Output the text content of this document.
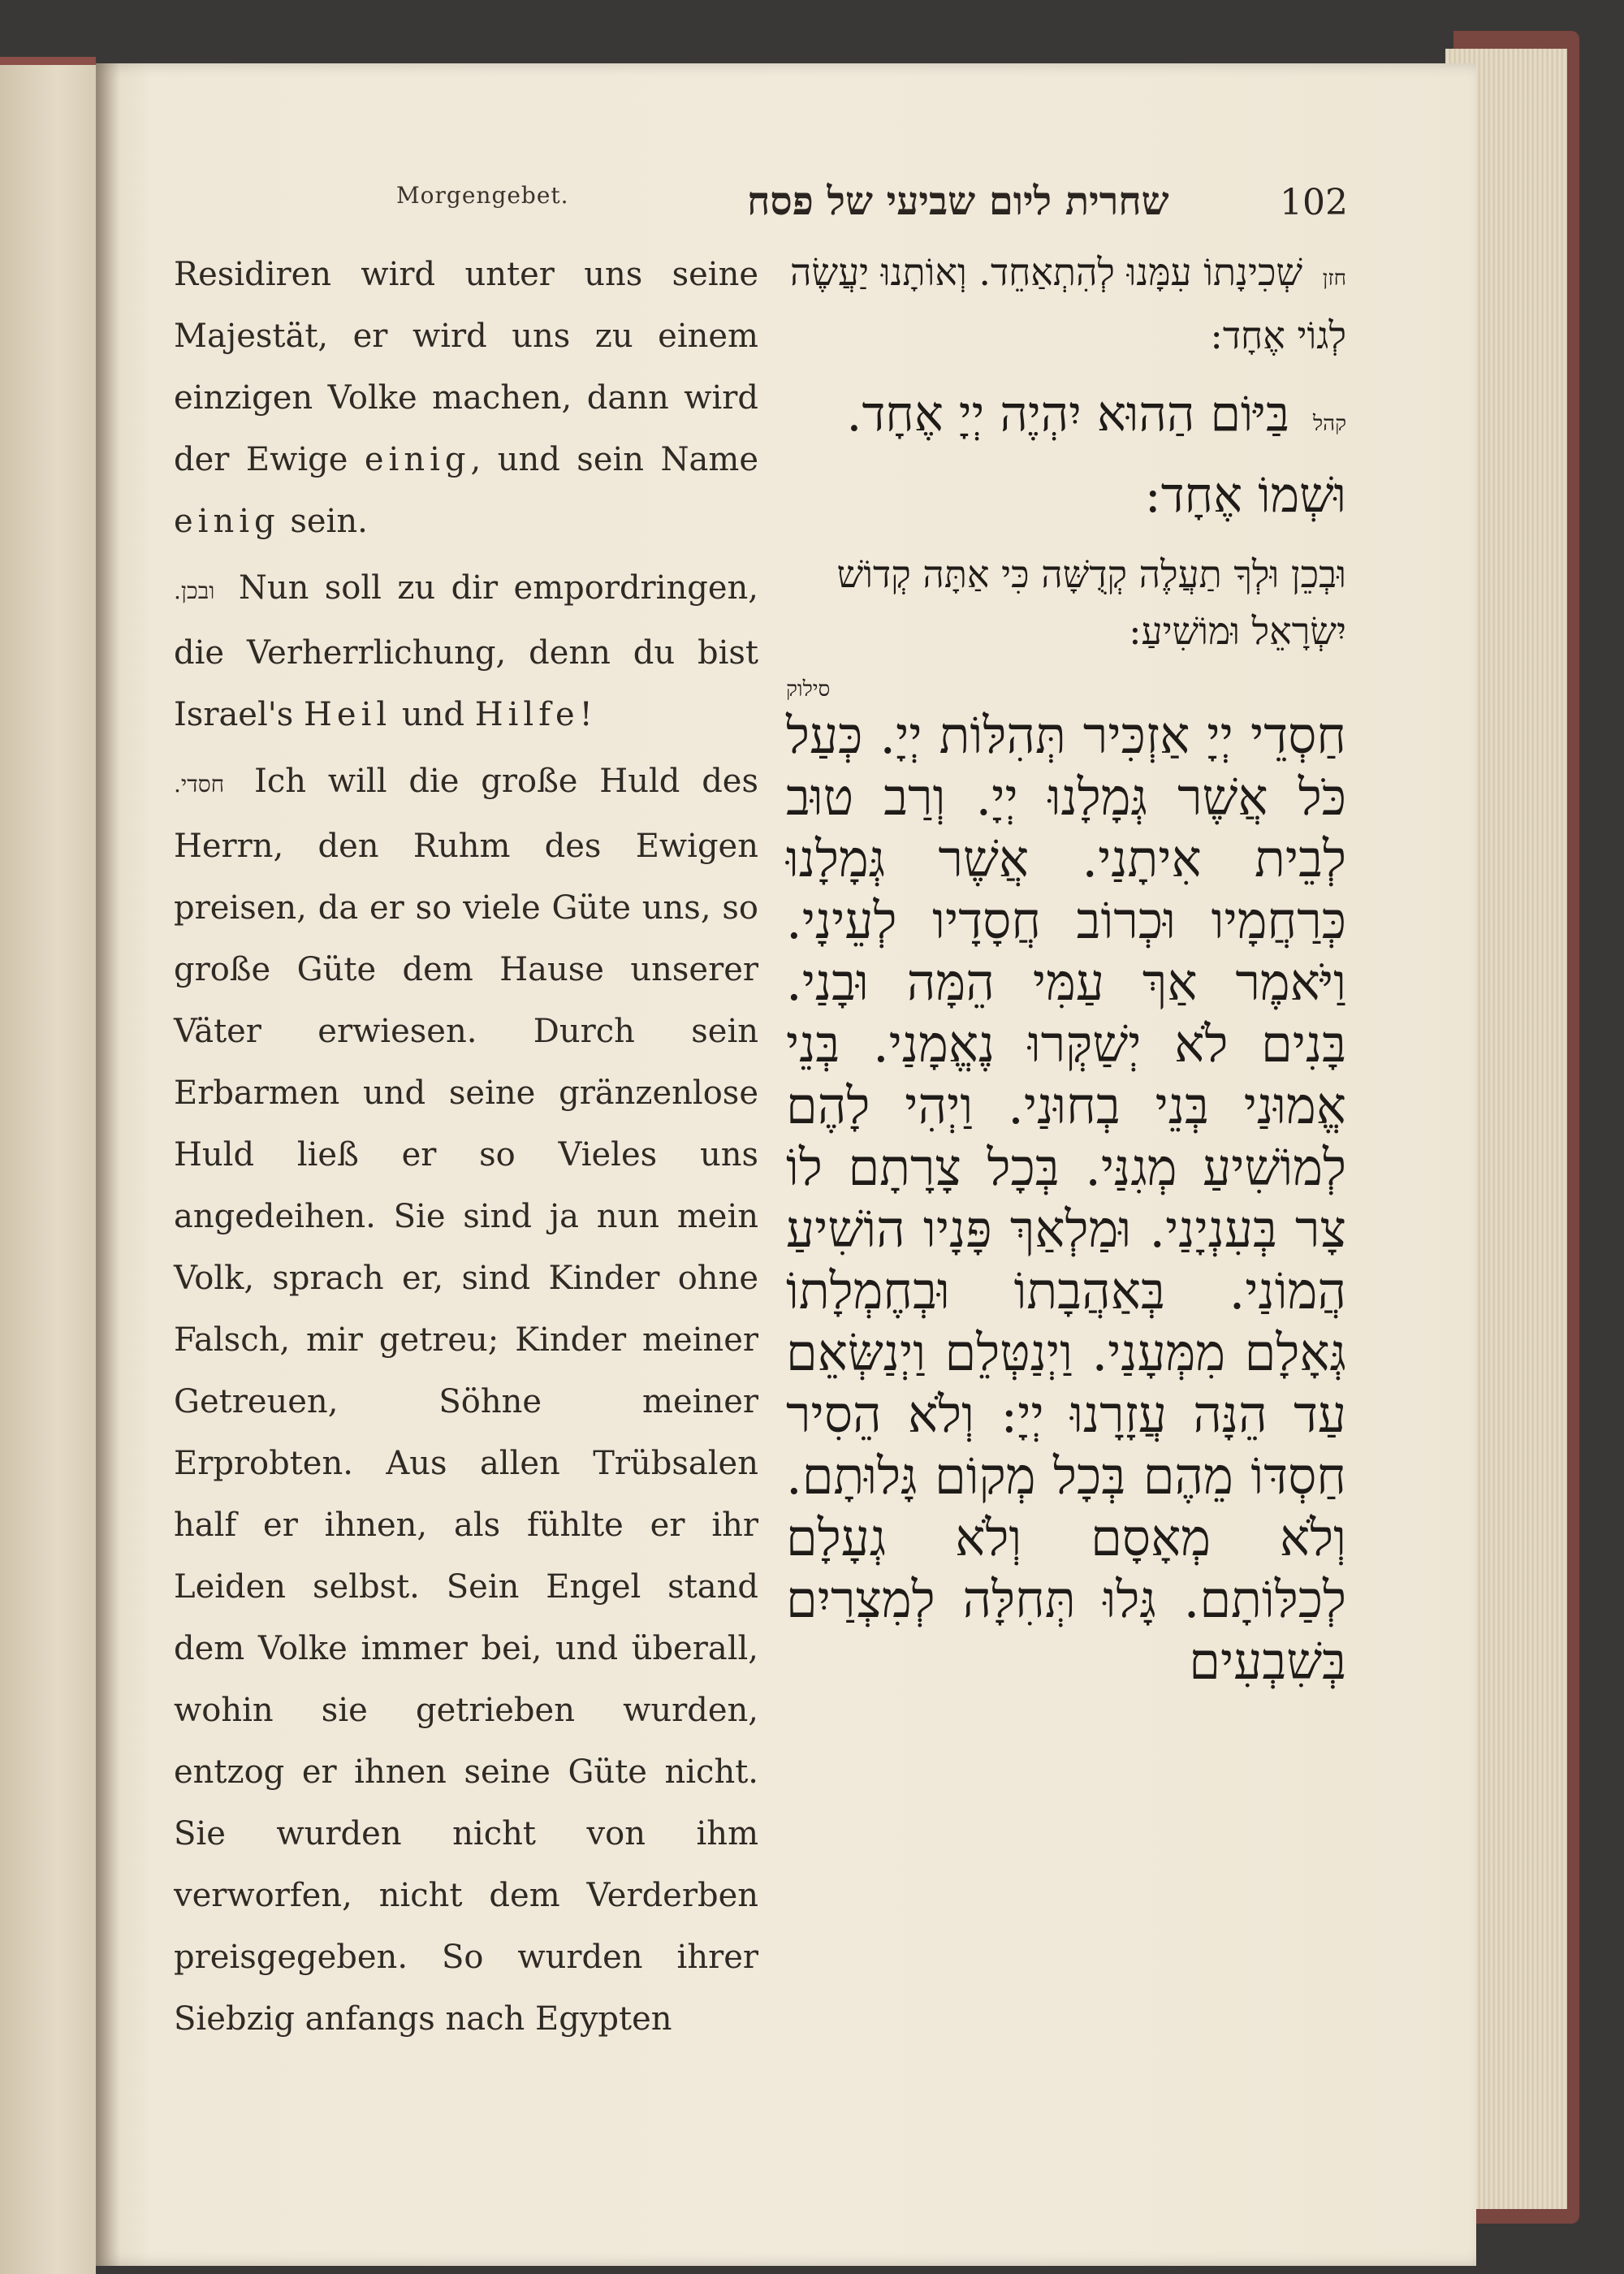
Morgengebet.	שחרית ליום שביעי של פסח	102

Residiren wird unter uns seine Majestät, er wird uns zu einem einzigen Volke machen, dann wird der Ewige einig, und sein Name einig sein.

ובכן. Nun soll zu dir empordringen, die Verherrlichung, denn du bist Israel's Heil und Hilfe!

חסדי. Ich will die große Huld des Herrn, den Ruhm des Ewigen preisen, da er so viele Güte uns, so große Güte dem Hause unserer Väter erwiesen. Durch sein Erbarmen und seine gränzenlose Huld ließ er so Vieles uns angedeihen. Sie sind ja nun mein Volk, sprach er, sind Kinder ohne Falsch, mir getreu; Kinder meiner Getreuen, Söhne meiner Erprobten. Aus allen Trübsalen half er ihnen, als fühlte er ihr Leiden selbst. Sein Engel stand dem Volke immer bei, und überall, wohin sie getrieben wurden, entzog er ihnen seine Güte nicht. Sie wurden nicht von ihm verworfen, nicht dem Verderben preisgegeben. So wurden ihrer Siebzig anfangs nach Egypten

חזן שְׁכִינָתוֹ עִמָּנוּ לְהִתְאַחֵד. וְאוֹתָנוּ יַעֲשֶׂה לְגוֹי אֶחָד:

קהל בַּיּוֹם הַהוּא יִהְיֶה יְיָ אֶחָד. וּשְׁמוֹ אֶחָד:

וּבְכֵן וּלְךָ תַעֲלֶה קְדֻשָּׁה כִּי אַתָּה קְדוֹשׁ יִשְׂרָאֵל וּמוֹשִׁיעַ:

סילוק

חַסְדֵי יְיָ אַזְכִּיר תְּהִלּוֹת יְיָ. כְּעַל כֹּל אֲשֶׁר גְּמָלָנוּ יְיָ. וְרַב טוּב לְבֵית אִיתָנַי. אֲשֶׁר גְּמָלָנוּ כְּרַחֲמָיו וּכְרוֹב חֲסָדָיו לְעֵינָי. וַיֹּאמֶר אַךְ עַמִּי הֵמָּה וּבָנַי. בָּנִים לֹא יְשַׁקְּרוּ נֶאֱמָנַי. בְּנֵי אֱמוּנַי בְּנֵי בְחוּנַי. וַיְהִי לָהֶם לְמוֹשִׁיעַ מְגִנַּי. בְּכָל צָרָתָם לוֹ צָר בְּעִנְיָנַי. וּמַלְאַךְ פָּנָיו הוֹשִׁיעַ הֲמוֹנַי. בְּאַהֲבָתוֹ וּבְחֶמְלָתוֹ גְּאָלָם מִמְּעָנַי. וַיְנַטְּלֵם וַיְנַשְּׂאֵם עַד הֵנָּה עֲזָרָנוּ יְיָ: וְלֹא הֵסִיר חַסְדּוֹ מֵהֶם בְּכָל מְקוֹם גָּלוּתָם. וְלֹא מְאָסָם וְלֹא גְעָלָם לְכַלּוֹתָם. גָּלוּ תְּחִלָּה לְמִצְרַיִם בְּשִׁבְעִים
